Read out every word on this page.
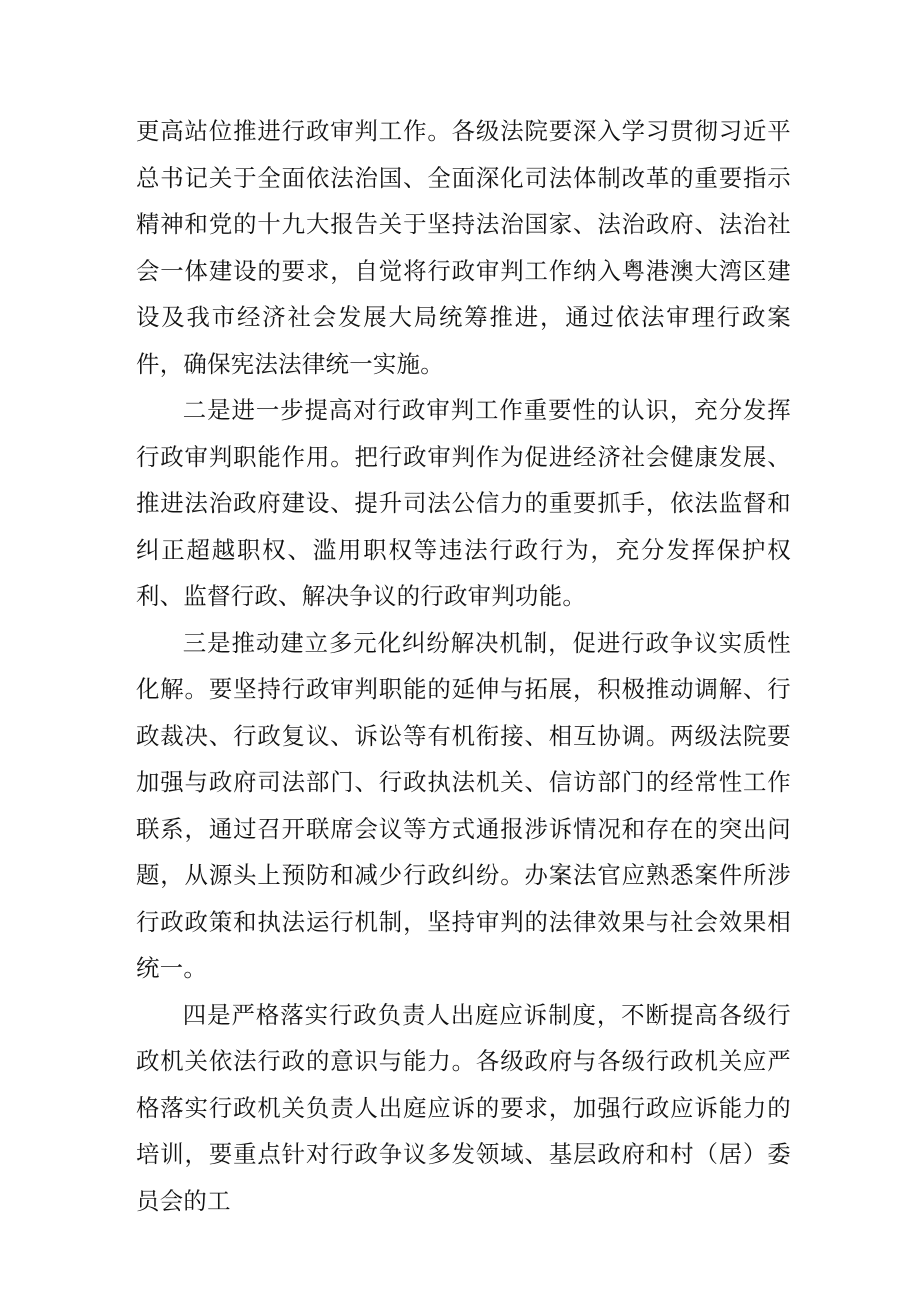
更高站位推进行政审判工作。各级法院要深入学习贯彻习近平总书记关于全面依法治国、全面深化司法体制改革的重要指示精神和党的十九大报告关于坚持法治国家、法治政府、法治社会一体建设的要求，自觉将行政审判工作纳入粤港澳大湾区建设及我市经济社会发展大局统筹推进，通过依法审理行政案件，确保宪法法律统一实施。

二是进一步提高对行政审判工作重要性的认识，充分发挥行政审判职能作用。把行政审判作为促进经济社会健康发展、推进法治政府建设、提升司法公信力的重要抓手，依法监督和纠正超越职权、滥用职权等违法行政行为，充分发挥保护权利、监督行政、解决争议的行政审判功能。

三是推动建立多元化纠纷解决机制，促进行政争议实质性化解。要坚持行政审判职能的延伸与拓展，积极推动调解、行政裁决、行政复议、诉讼等有机衔接、相互协调。两级法院要加强与政府司法部门、行政执法机关、信访部门的经常性工作联系，通过召开联席会议等方式通报涉诉情况和存在的突出问题，从源头上预防和减少行政纠纷。办案法官应熟悉案件所涉行政政策和执法运行机制，坚持审判的法律效果与社会效果相统一。

四是严格落实行政负责人出庭应诉制度，不断提高各级行政机关依法行政的意识与能力。各级政府与各级行政机关应严格落实行政机关负责人出庭应诉的要求，加强行政应诉能力的培训，要重点针对行政争议多发领域、基层政府和村（居）委员会的工
